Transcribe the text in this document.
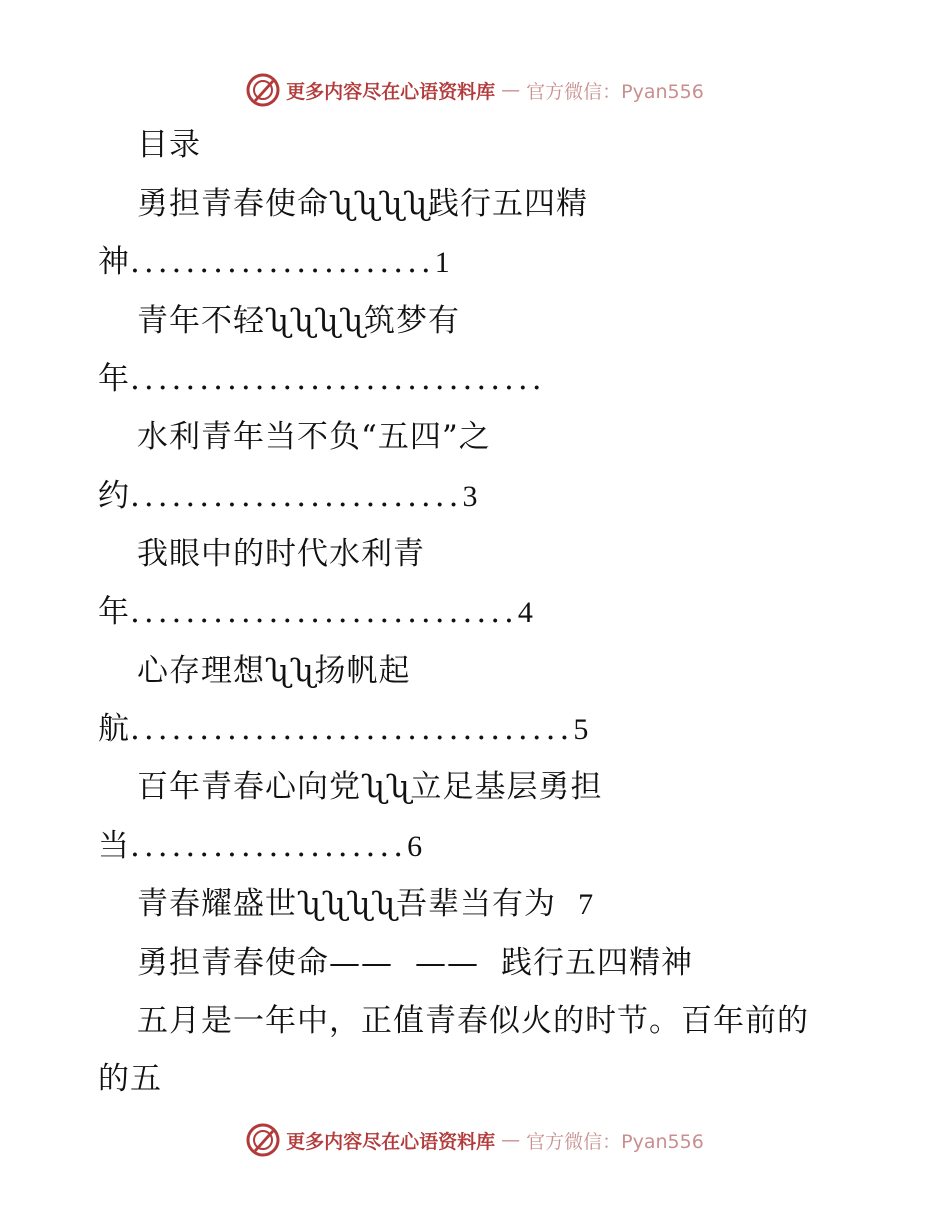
更多内容尽在心语资料库 — 官方微信：Pyan556
目录
勇担青春使命ʯʯʯʯ践行五四精
神......................1
青年不轻ʯʯʯʯ筑梦有
年..............................
水利青年当不负“五四”之
约........................3
我眼中的时代水利青
年............................4
心存理想ʯʯ扬帆起
航................................5
百年青春心向党ʯʯ立足基层勇担
当....................6
青春耀盛世ʯʯʯʯ吾辈当有为 7
勇担青春使命—— —— 践行五四精神
五月是一年中，正值青春似火的时节。百年前的
的五
更多内容尽在心语资料库 — 官方微信：Pyan556
